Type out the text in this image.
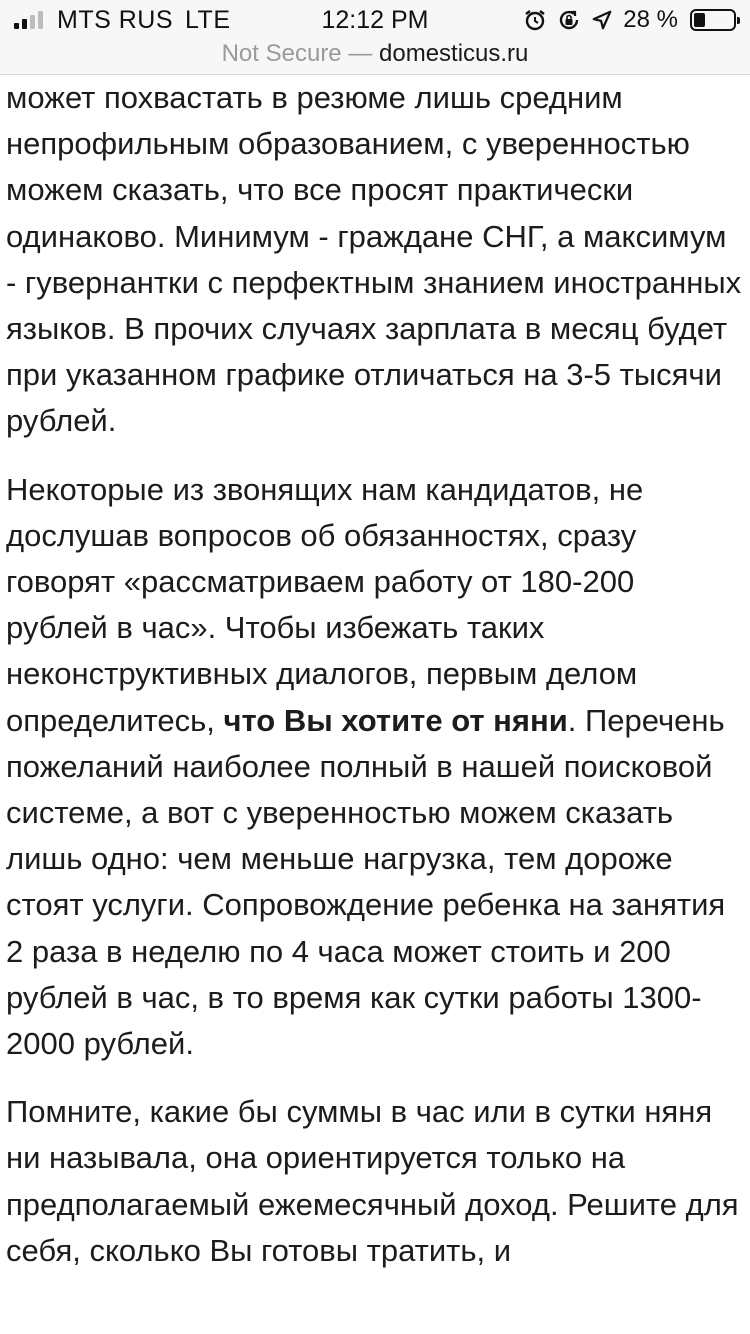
MTS RUS LTE	12:12 PM	28 %
Not Secure — domesticus.ru

может похвастать в резюме лишь средним непрофильным образованием, с уверенностью можем сказать, что все просят практически одинаково. Минимум - граждане СНГ, а максимум - гувернантки с перфектным знанием иностранных языков. В прочих случаях зарплата в месяц будет при указанном графике отличаться на 3-5 тысячи рублей.

Некоторые из звонящих нам кандидатов, не дослушав вопросов об обязанностях, сразу говорят «рассматриваем работу от 180-200 рублей в час». Чтобы избежать таких неконструктивных диалогов, первым делом определитесь, что Вы хотите от няни. Перечень пожеланий наиболее полный в нашей поисковой системе, а вот с уверенностью можем сказать лишь одно: чем меньше нагрузка, тем дороже стоят услуги. Сопровождение ребенка на занятия 2 раза в неделю по 4 часа может стоить и 200 рублей в час, в то время как сутки работы 1300-2000 рублей.

Помните, какие бы суммы в час или в сутки няня ни называла, она ориентируется только на предполагаемый ежемесячный доход. Решите для себя, сколько Вы готовы тратить, и
